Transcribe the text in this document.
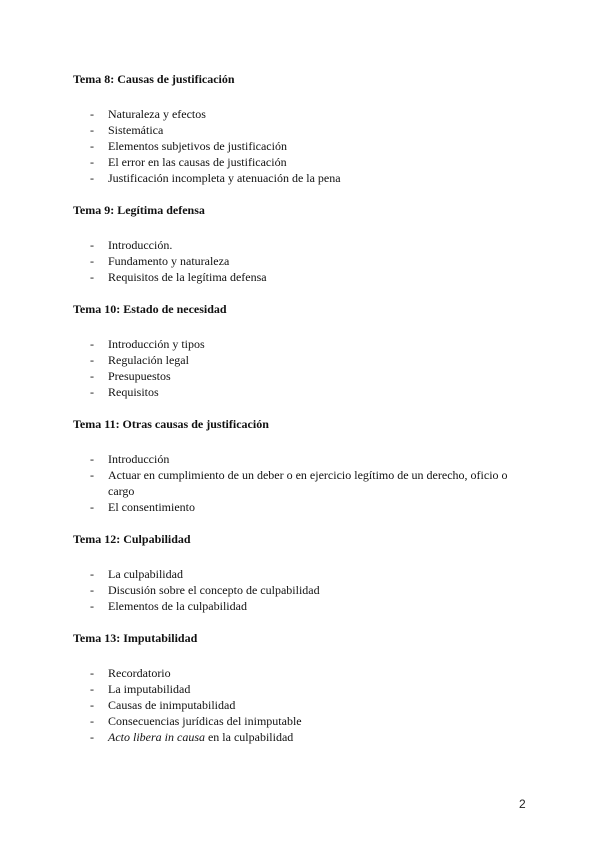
Tema 8: Causas de justificación
- Naturaleza y efectos
- Sistemática
- Elementos subjetivos de justificación
- El error en las causas de justificación
- Justificación incompleta y atenuación de la pena
Tema 9: Legítima defensa
- Introducción.
- Fundamento y naturaleza
- Requisitos de la legítima defensa
Tema 10: Estado de necesidad
- Introducción y tipos
- Regulación legal
- Presupuestos
- Requisitos
Tema 11: Otras causas de justificación
- Introducción
- Actuar en cumplimiento de un deber o en ejercicio legítimo de un derecho, oficio o cargo
- El consentimiento
Tema 12: Culpabilidad
- La culpabilidad
- Discusión sobre el concepto de culpabilidad
- Elementos de la culpabilidad
Tema 13: Imputabilidad
- Recordatorio
- La imputabilidad
- Causas de inimputabilidad
- Consecuencias jurídicas del inimputable
- Acto libera in causa en la culpabilidad
2
